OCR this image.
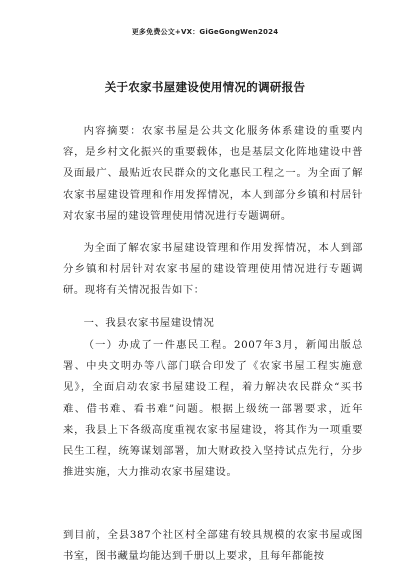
更多免费公文+VX：GiGeGongWen2024
关于农家书屋建设使用情况的调研报告

内容摘要：农家书屋是公共文化服务体系建设的重要内容，是乡村文化振兴的重要载体，也是基层文化阵地建设中普及面最广、最贴近农民群众的文化惠民工程之一。为全面了解农家书屋建设管理和作用发挥情况，本人到部分乡镇和村居针对农家书屋的建设管理使用情况进行专题调研。

为全面了解农家书屋建设管理和作用发挥情况，本人到部分乡镇和村居针对农家书屋的建设管理使用情况进行专题调研。现将有关情况报告如下：

一、我县农家书屋建设情况

（一）办成了一件惠民工程。2007年3月，新闻出版总署、中央文明办等八部门联合印发了《农家书屋工程实施意见》，全面启动农家书屋建设工程，着力解决农民群众“买书难、借书难、看书难”问题。根据上级统一部署要求，近年来，我县上下各级高度重视农家书屋建设，将其作为一项重要民生工程，统筹谋划部署，加大财政投入坚持试点先行，分步推进实施，大力推动农家书屋建设。

到目前，全县387个社区村全部建有较具规模的农家书屋或图书室，图书藏量均能达到千册以上要求，且每年都能按
